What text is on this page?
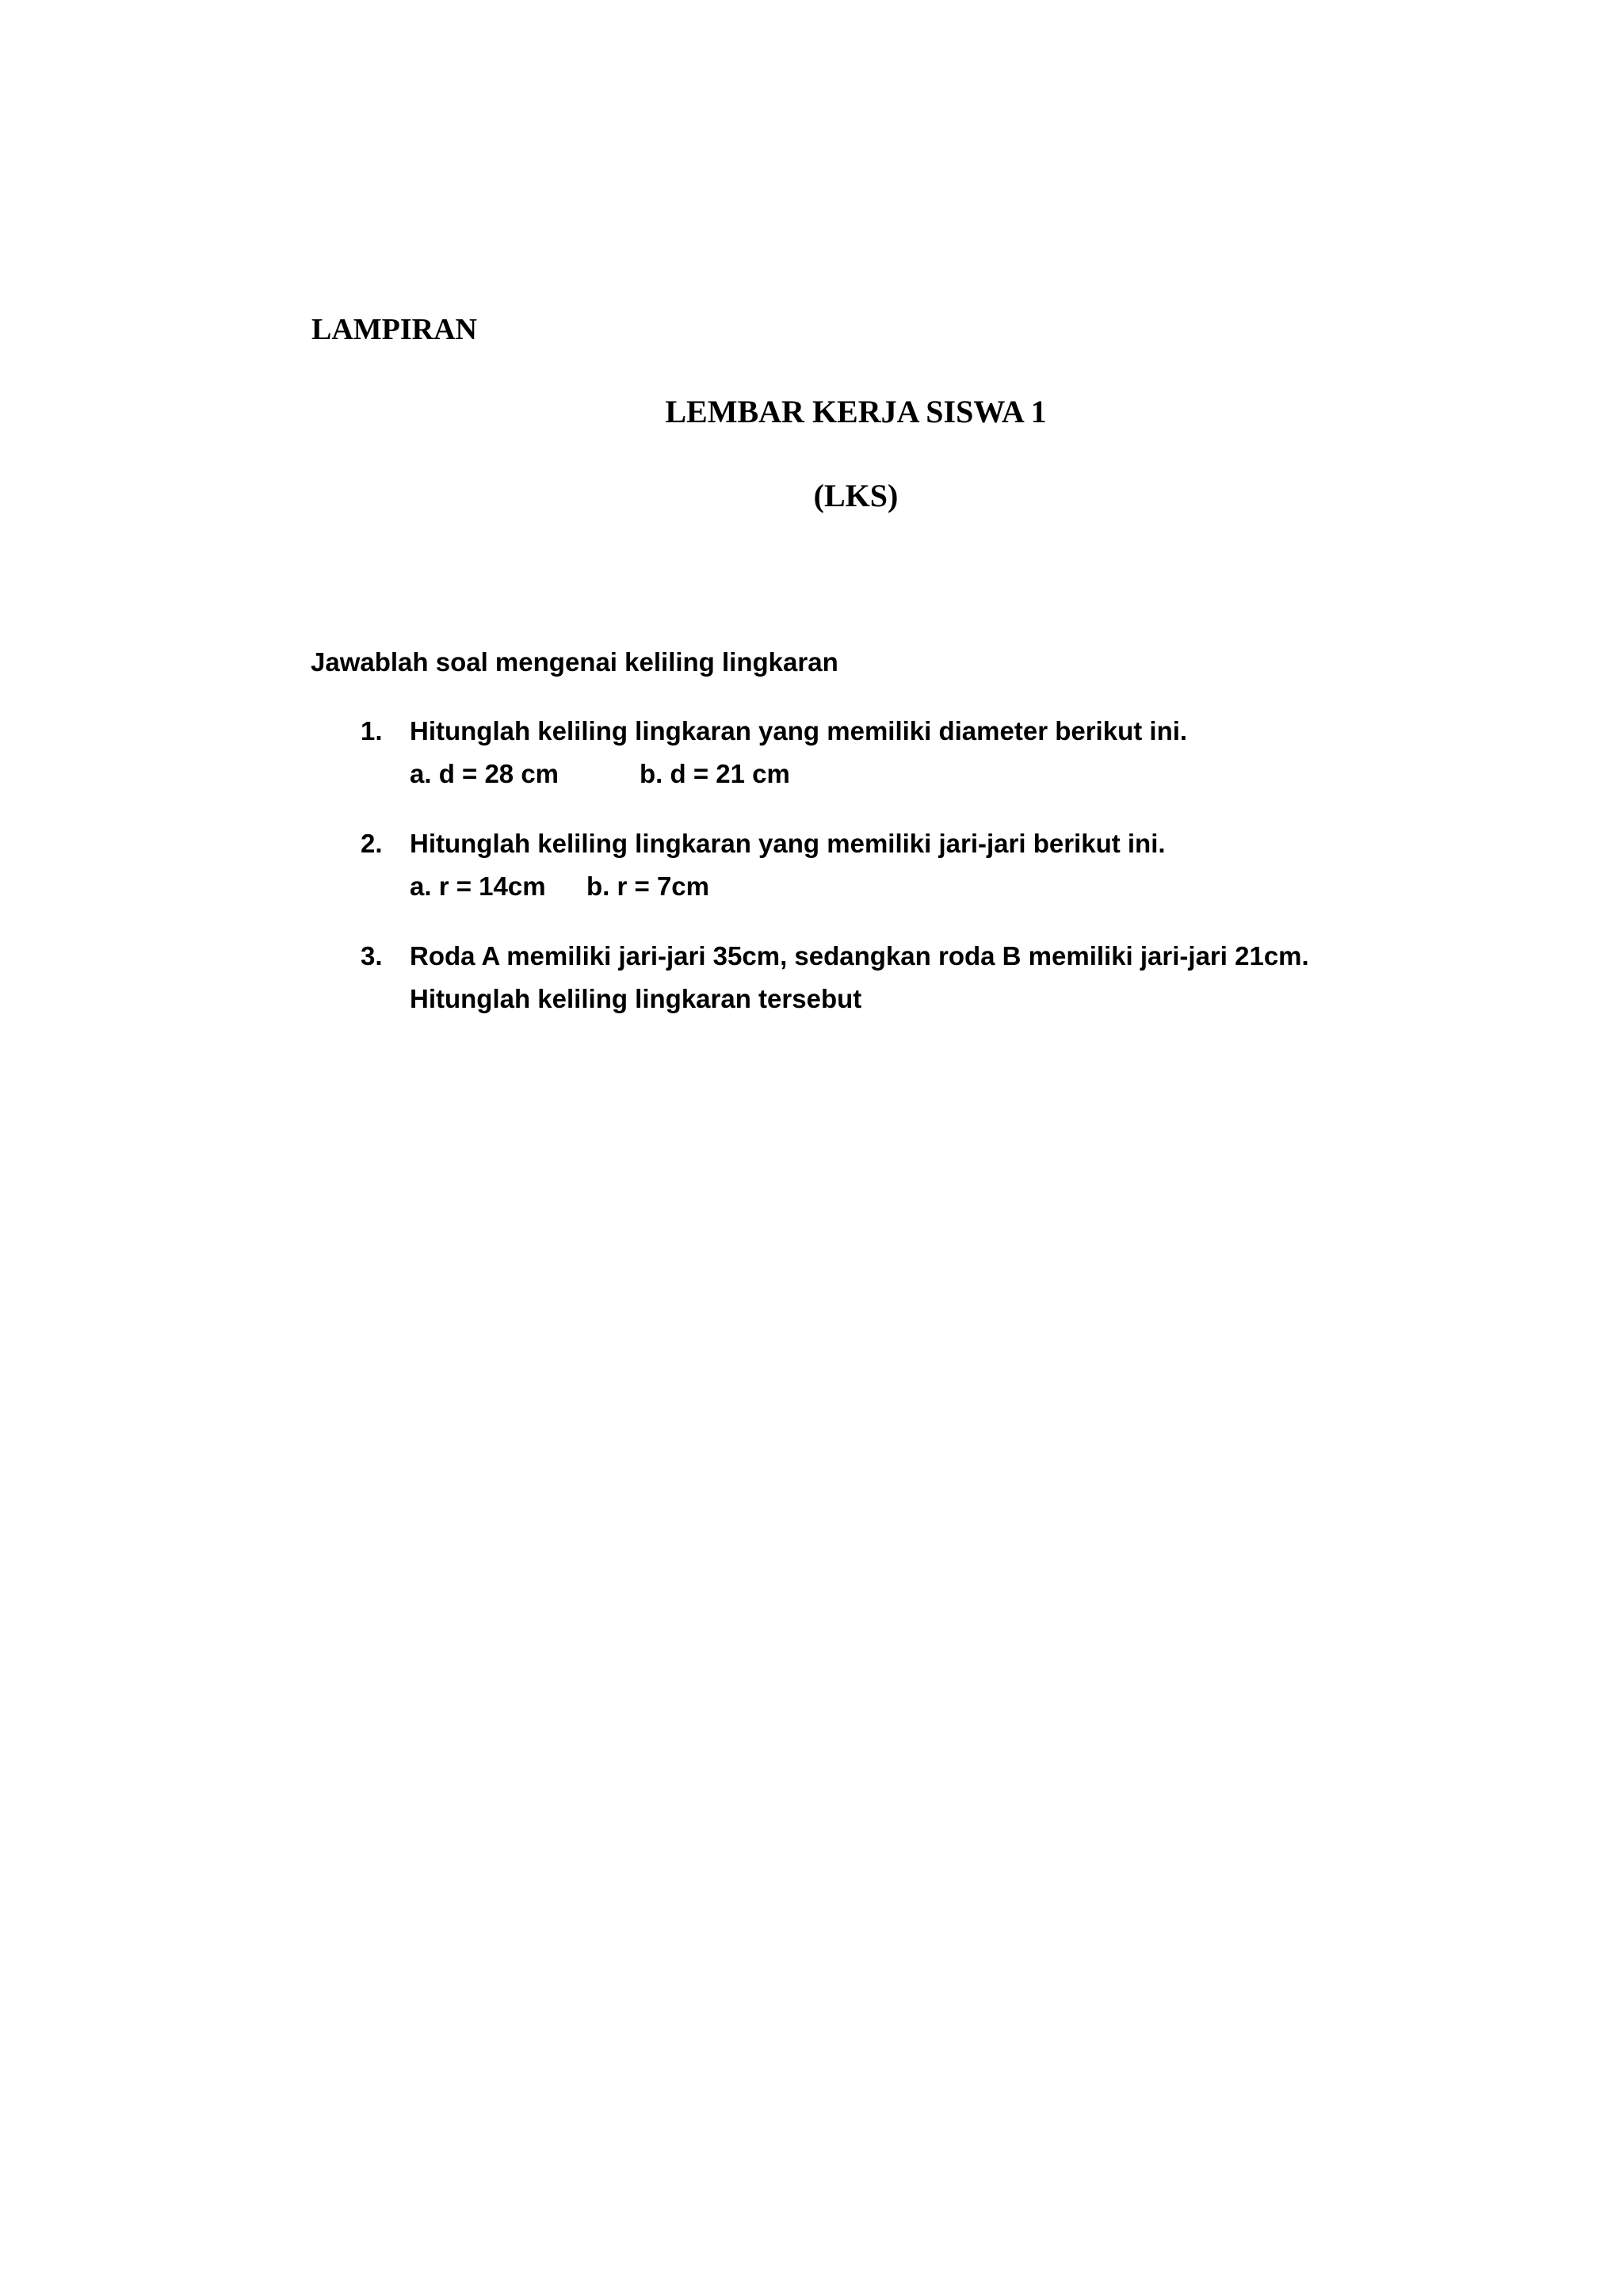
LAMPIRAN
LEMBAR KERJA SISWA 1
(LKS)
Jawablah soal mengenai keliling lingkaran
1. Hitunglah keliling lingkaran yang memiliki diameter berikut ini.
a. d = 28 cm	b. d = 21 cm
2. Hitunglah keliling lingkaran yang memiliki jari-jari berikut ini.
a. r = 14cm b. r = 7cm
3. Roda A memiliki jari-jari 35cm, sedangkan roda B memiliki jari-jari 21cm.
Hitunglah keliling lingkaran tersebut
